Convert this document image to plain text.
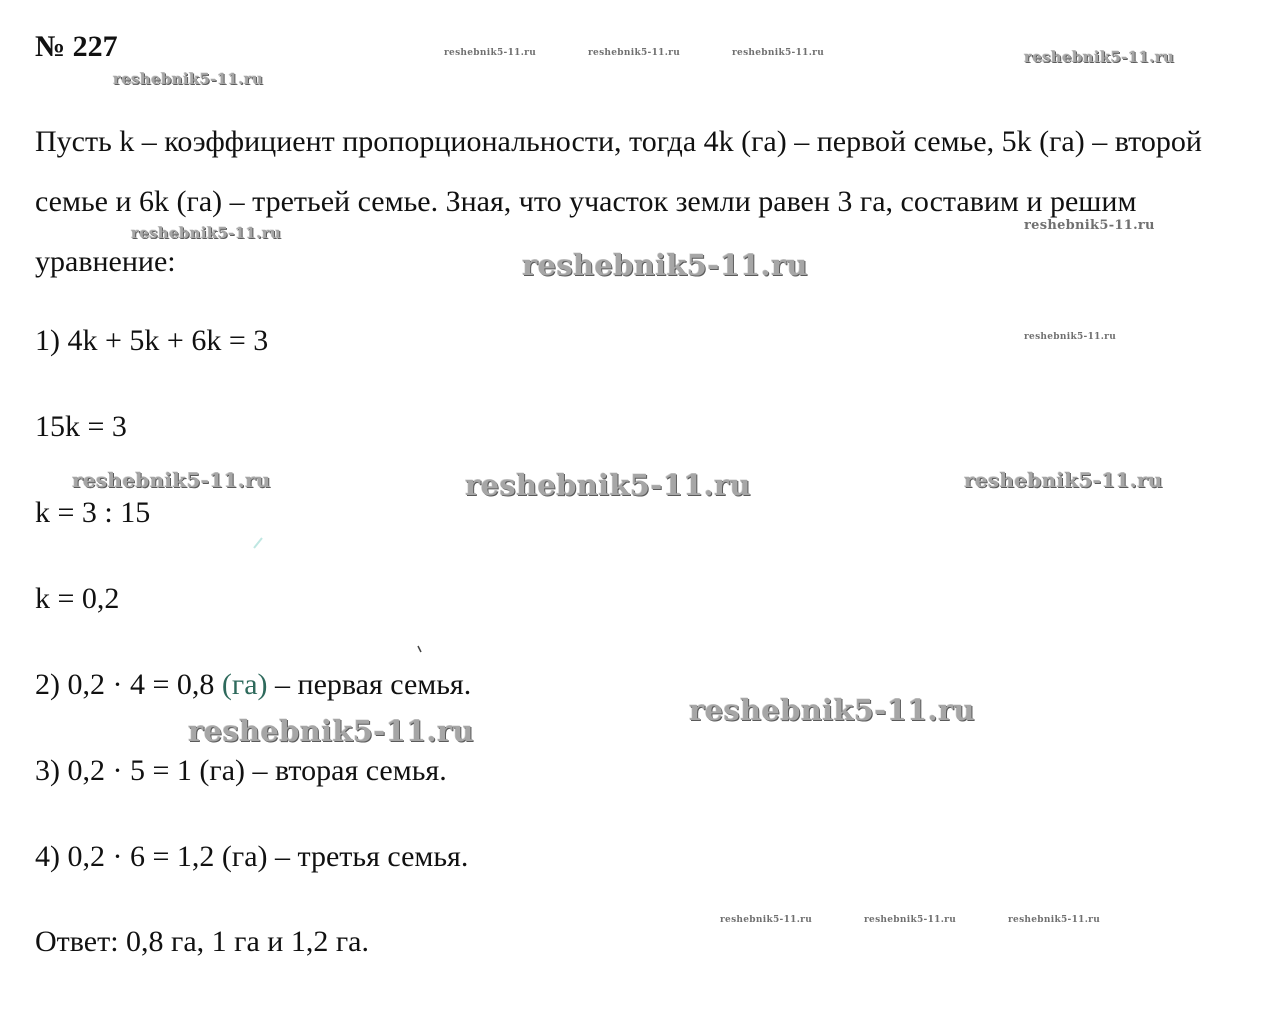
№ 227

Пусть k – коэффициент пропорциональности, тогда 4k (га) – первой семье, 5k (га) – второй семье и 6k (га) – третьей семье. Зная, что участок земли равен 3 га, составим и решим уравнение:

1) 4k + 5k + 6k = 3
15k = 3
k = 3 : 15
k = 0,2
2) 0,2 · 4 = 0,8 (га) – первая семья.
3) 0,2 · 5 = 1 (га) – вторая семья.
4) 0,2 · 6 = 1,2 (га) – третья семья.
Ответ: 0,8 га, 1 га и 1,2 га.
reshebnik5-11.ru
reshebnik5-11.ru	reshebnik5-11.ru	reshebnik5-11.ru	reshebnik5-11.ru
reshebnik5-11.ru	reshebnik5-11.ru
reshebnik5-11.ru
reshebnik5-11.ru
reshebnik5-11.ru	reshebnik5-11.ru	reshebnik5-11.ru
reshebnik5-11.ru
reshebnik5-11.ru
reshebnik5-11.ru	reshebnik5-11.ru	reshebnik5-11.ru
